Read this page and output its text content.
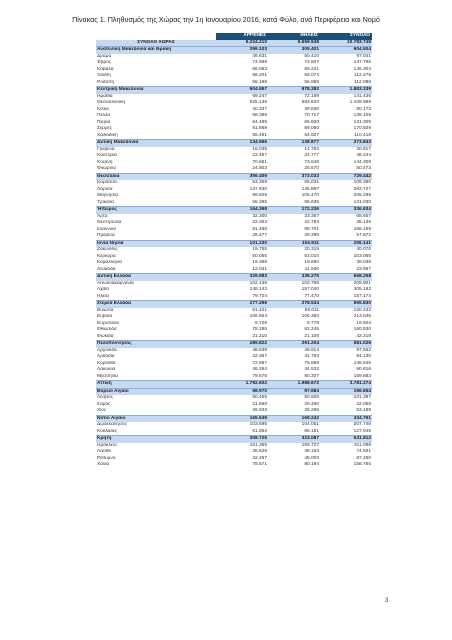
Πίνακας 1. Πληθυσμός της Χώρας την 1η Ιανουαρίου 2016, κατά Φύλο, ανά Περιφέρεια και Νομό
	ΑΡΡΕΝΕΣ	ΘΗΛΕΙΣ	ΣΥΝΟΛΟ
ΣΥΝΟΛΟ ΧΩΡΑΣ	5.224.210	5.559.538	10.783.748
Ανατολική Μακεδονία και Θράκη	299.103	305.401	604.504
Δράμα	46.631	50.410	97.041
Έβρος	74.989	72.807	147.796
Καβάλα	66.083	69.221	135.304
Ξάνθη	56.201	56.074	112.275
Ροδόπη	55.199	56.889	112.088
Κεντρική Μακεδονία	904.957	978.382	1.883.339
Ημαθία	69.247	72.189	141.436
Θεσσαλονίκη	525.136	584.833	1.109.969
Κιλκίς	40.337	39.836	80.173
Πέλλα	68.388	70.717	139.105
Πιερία	64.489	66.820	131.309
Σέρρες	81.869	89.060	170.929
Χαλκιδική	55.491	54.927	110.418
Δυτική Μακεδονία	134.966	138.877	273.843
Γρεβενά	16.035	14.782	30.817
Καστοριά	23.467	24.777	48.244
Κοζάνη	70.661	73.648	144.309
Φλώρινα	24.803	25.670	50.473
Θεσσαλία	356.409	373.033	729.442
Καρδίτσα	53.359	56.031	109.390
Λάρισα	137.830	145.897	283.727
Μαγνησία	99.825	105.470	205.295
Τρίκαλα	65.395	65.635	131.030
Ήπειρος	164.398	172.236	336.634
Άρτα	32.300	33.357	65.657
Θεσπρωτία	22.353	22.783	45.136
Ιωάννινα	81.468	86.701	168.169
Πρέβεζα	28.477	29.395	57.872
Ιόνια Νησιά	101.230	104.911	206.141
Ζάκυνθος	19.755	20.315	40.070
Κέρκυρα	50.056	53.010	103.066
Κεφαλληνία	19.388	19.650	39.038
Λευκάδα	12.031	11.936	23.967
Δυτική Ελλάδα	329.983	338.275	668.258
Αιτωλοακαρνανία	102.136	103.765	205.901
Αχαΐα	148.143	157.040	305.183
Ηλεία	79.704	77.470	157.174
Στερεά Ελλάδα	277.296	278.534	555.830
Βοιωτία	61.421	59.011	120.432
Εύβοια	106.654	106.392	213.046
Ευρυτανία	9.726	9.778	19.504
Φθιώτιδα	78.285	82.245	160.530
Φωκίδα	21.210	21.108	42.318
Πελοπόννησος	289.822	291.204	581.026
Αργολίδα	48.638	48.914	97.552
Αρκαδία	42.367	41.763	84.130
Κορινθία	72.957	75.688	148.645
Λακωνία	46.284	44.532	90.816
Μεσσηνία	79.576	80.307	159.883
Αττική	1.792.602	1.988.672	3.781.274
Βόρειο Αιγαίο	98.970	97.684	196.654
Λέσβος	50.469	50.928	101.397
Σάμος	21.568	20.490	42.058
Χίος	26.933	26.266	53.199
Νότιο Αιγαίο	165.549	169.242	334.791
Δωδεκάνησος	103.695	104.051	207.746
Κυκλάδες	61.854	65.191	127.045
Κρήτη	308.725	323.087	631.812
Ηράκλειο	151.369	159.727	311.096
Λασίθι	36.528	38.163	74.691
Ρέθυμνο	42.257	45.003	87.260
Χανιά	78.571	80.194	158.765
3
